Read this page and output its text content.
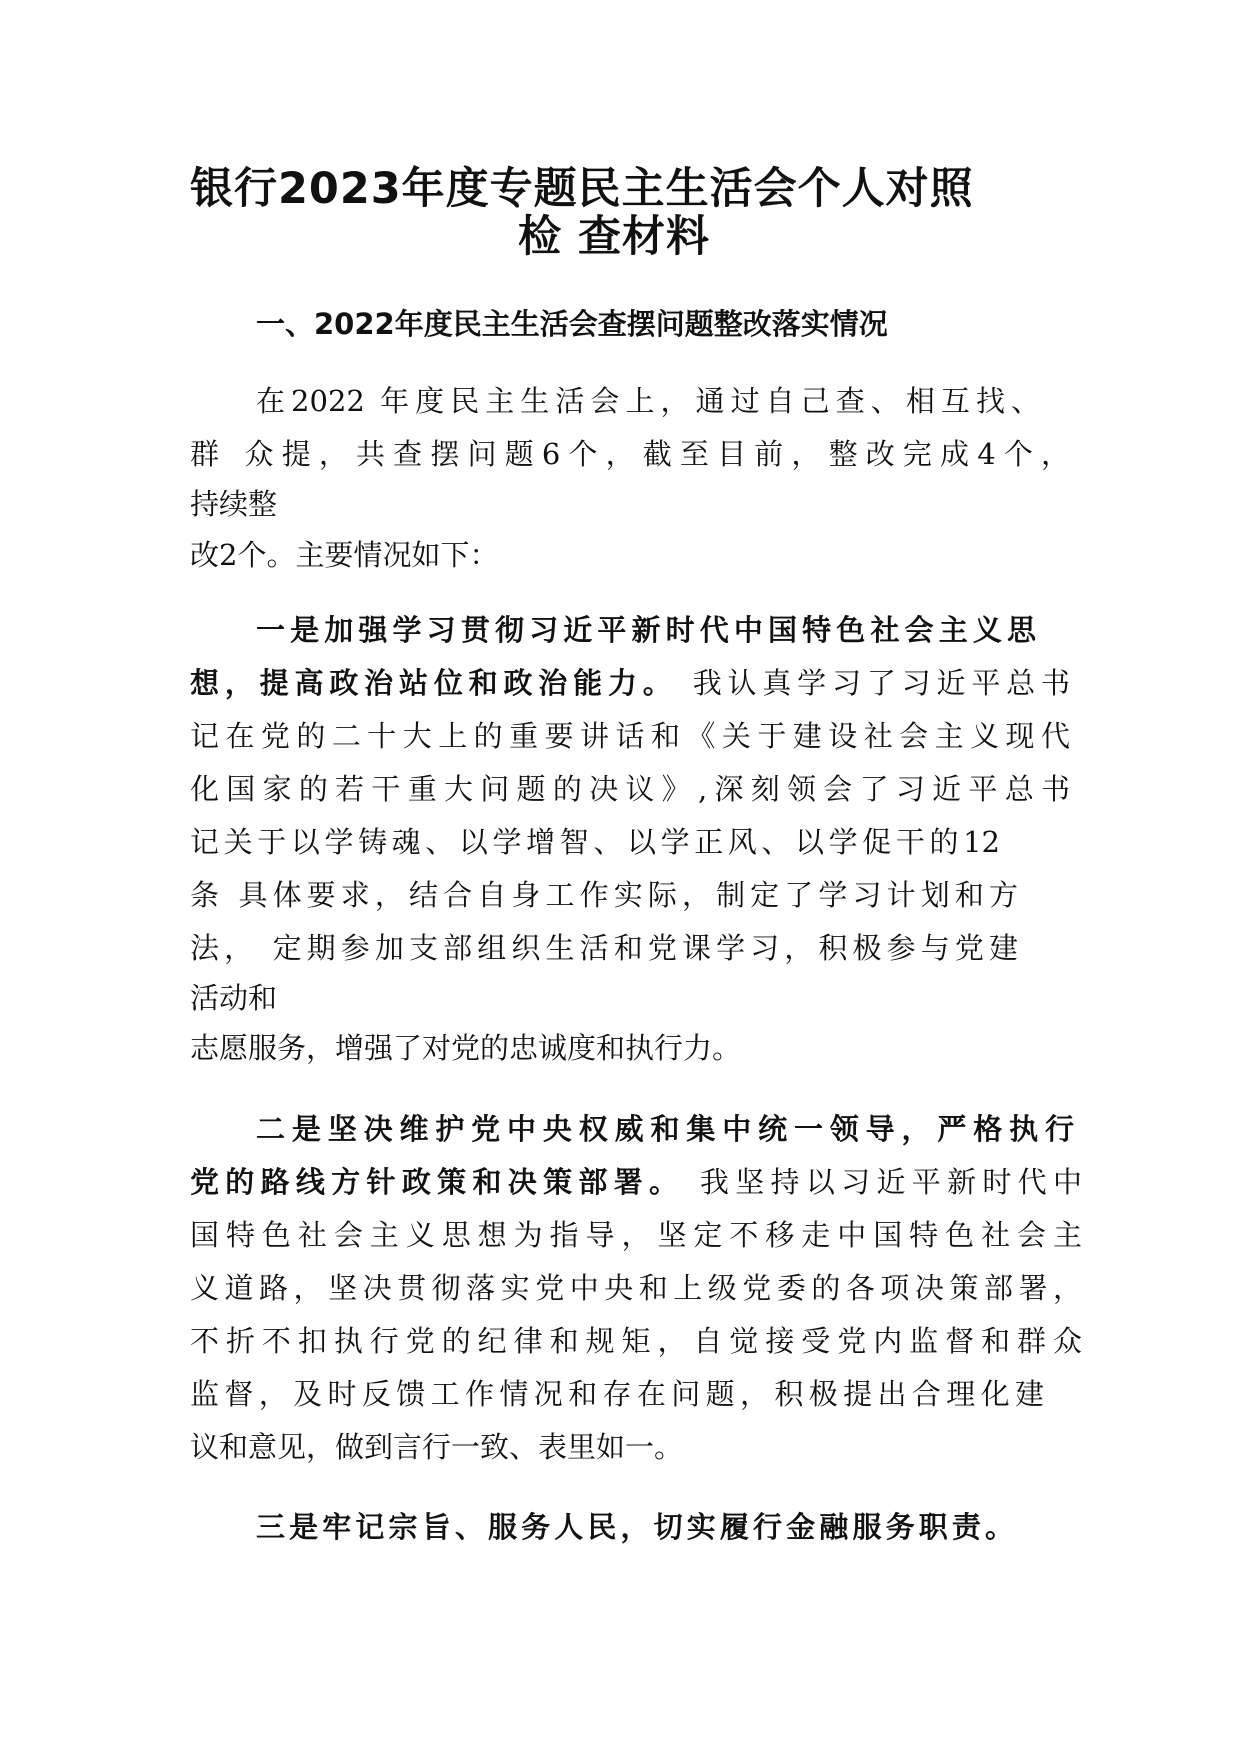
银行2023年度专题民主生活会个人对照
检 查材料
一、2022年度民主生活会查摆问题整改落实情况
在2022 年度民主生活会上，通过自己查、相互找、
群 众提，共查摆问题6个，截至目前，整改完成4个，
持续整
改2个。主要情况如下：
一是加强学习贯彻习近平新时代中国特色社会主义思
想，提高政治站位和政治能力。 我认真学习了习近平总书
记在党的二十大上的重要讲话和《关于建设社会主义现代
化国家的若干重大问题的决议》,深刻领会了习近平总书
记关于以学铸魂、以学增智、以学正风、以学促干的12
条 具体要求，结合自身工作实际，制定了学习计划和方
法， 定期参加支部组织生活和党课学习，积极参与党建
活动和
志愿服务，增强了对党的忠诚度和执行力。
二是坚决维护党中央权威和集中统一领导，严格执行
党的路线方针政策和决策部署。 我坚持以习近平新时代中
国特色社会主义思想为指导，坚定不移走中国特色社会主
义道路，坚决贯彻落实党中央和上级党委的各项决策部署，
不折不扣执行党的纪律和规矩，自觉接受党内监督和群众
监督，及时反馈工作情况和存在问题，积极提出合理化建
议和意见，做到言行一致、表里如一。
三是牢记宗旨、服务人民，切实履行金融服务职责。
